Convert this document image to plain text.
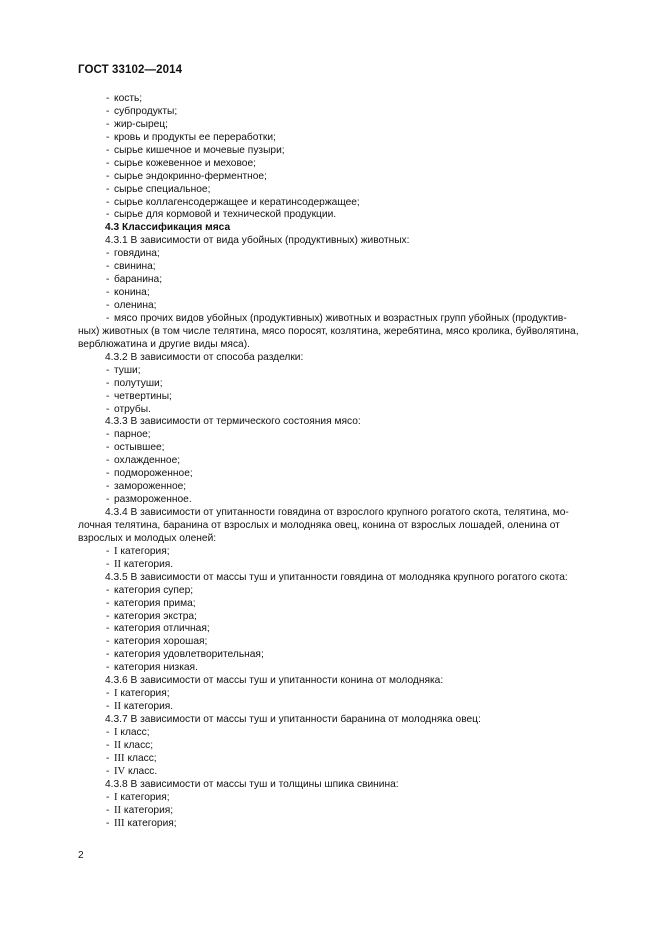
ГОСТ 33102—2014
- кость;
- субпродукты;
- жир-сырец;
- кровь и продукты ее переработки;
- сырье кишечное и мочевые пузыри;
- сырье кожевенное и меховое;
- сырье эндокринно-ферментное;
- сырье специальное;
- сырье коллагенсодержащее и кератинсодержащее;
- сырье для кормовой и технической продукции.
4.3 Классификация мяса
4.3.1 В зависимости от вида убойных (продуктивных) животных:
- говядина;
- свинина;
- баранина;
- конина;
- оленина;
- мясо прочих видов убойных (продуктивных) животных и возрастных групп убойных (продуктив-
ных) животных (в том числе телятина, мясо поросят, козлятина, жеребятина, мясо кролика, буйволятина,
верблюжатина и другие виды мяса).
4.3.2 В зависимости от способа разделки:
- туши;
- полутуши;
- четвертины;
- отрубы.
4.3.3 В зависимости от термического состояния мясо:
- парное;
- остывшее;
- охлажденное;
- подмороженное;
- замороженное;
- размороженное.
4.3.4 В зависимости от упитанности говядина от взрослого крупного рогатого скота, телятина, мо-
лочная телятина, баранина от взрослых и молодняка овец, конина от взрослых лошадей, оленина от
взрослых и молодых оленей:
- I категория;
- II категория.
4.3.5 В зависимости от массы туш и упитанности говядина от молодняка крупного рогатого скота:
- категория супер;
- категория прима;
- категория экстра;
- категория отличная;
- категория хорошая;
- категория удовлетворительная;
- категория низкая.
4.3.6 В зависимости от массы туш и упитанности конина от молодняка:
- I категория;
- II категория.
4.3.7 В зависимости от массы туш и упитанности баранина от молодняка овец:
- I класс;
- II класс;
- III класс;
- IV класс.
4.3.8 В зависимости от массы туш и толщины шпика свинина:
- I категория;
- II категория;
- III категория;
2
